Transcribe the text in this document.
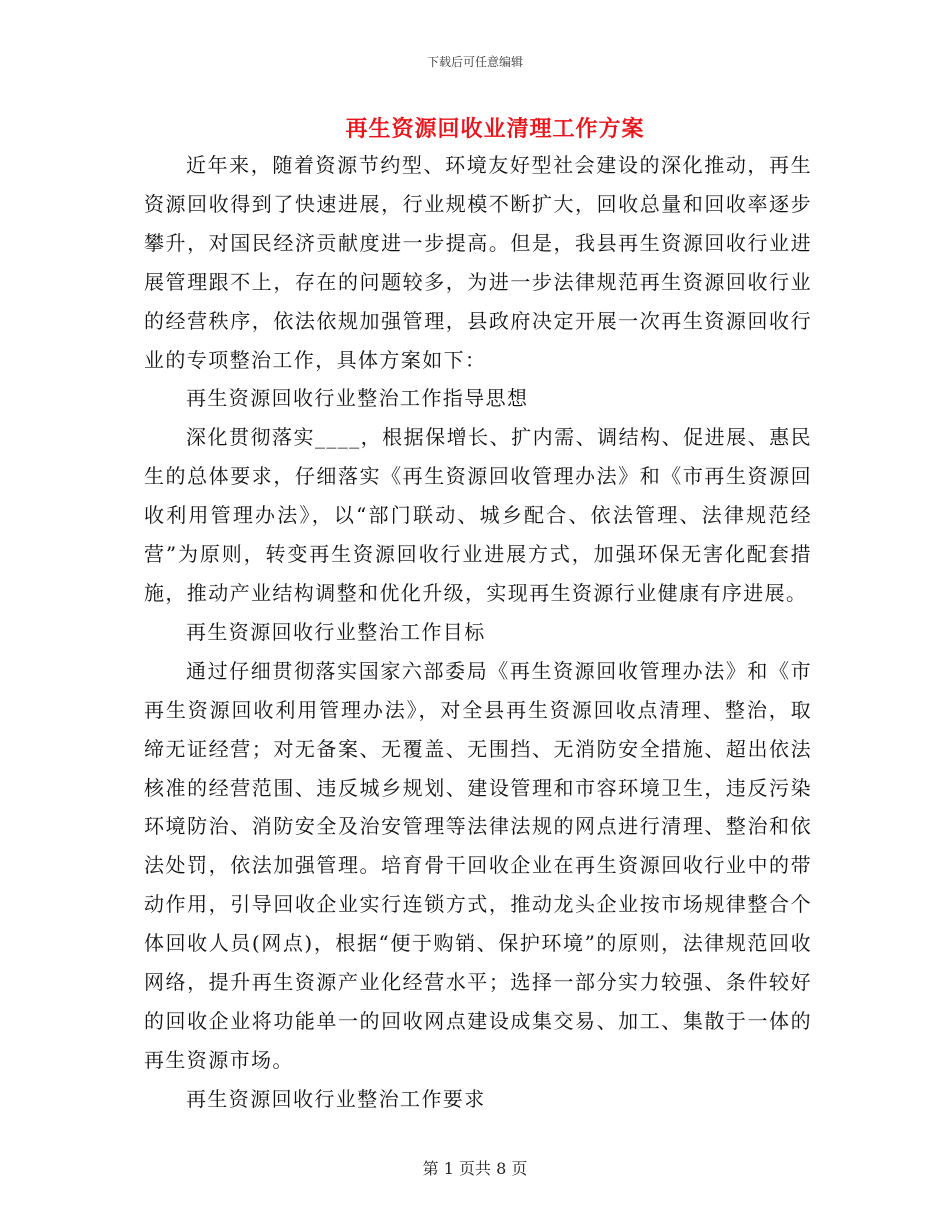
下载后可任意编辑
再生资源回收业清理工作方案

近年来，随着资源节约型、环境友好型社会建设的深化推动，再生资源回收得到了快速进展，行业规模不断扩大，回收总量和回收率逐步攀升，对国民经济贡献度进一步提高。但是，我县再生资源回收行业进展管理跟不上，存在的问题较多，为进一步法律规范再生资源回收行业的经营秩序，依法依规加强管理，县政府决定开展一次再生资源回收行业的专项整治工作，具体方案如下：

再生资源回收行业整治工作指导思想

深化贯彻落实____，根据保增长、扩内需、调结构、促进展、惠民生的总体要求，仔细落实《再生资源回收管理办法》和《市再生资源回收利用管理办法》，以“部门联动、城乡配合、依法管理、法律规范经营”为原则，转变再生资源回收行业进展方式，加强环保无害化配套措施，推动产业结构调整和优化升级，实现再生资源行业健康有序进展。

再生资源回收行业整治工作目标

通过仔细贯彻落实国家六部委局《再生资源回收管理办法》和《市再生资源回收利用管理办法》，对全县再生资源回收点清理、整治，取缔无证经营；对无备案、无覆盖、无围挡、无消防安全措施、超出依法核准的经营范围、违反城乡规划、建设管理和市容环境卫生，违反污染环境防治、消防安全及治安管理等法律法规的网点进行清理、整治和依法处罚，依法加强管理。培育骨干回收企业在再生资源回收行业中的带动作用，引导回收企业实行连锁方式，推动龙头企业按市场规律整合个体回收人员(网点)，根据“便于购销、保护环境”的原则，法律规范回收网络，提升再生资源产业化经营水平；选择一部分实力较强、条件较好的回收企业将功能单一的回收网点建设成集交易、加工、集散于一体的再生资源市场。

再生资源回收行业整治工作要求

第 1 页共 8 页
